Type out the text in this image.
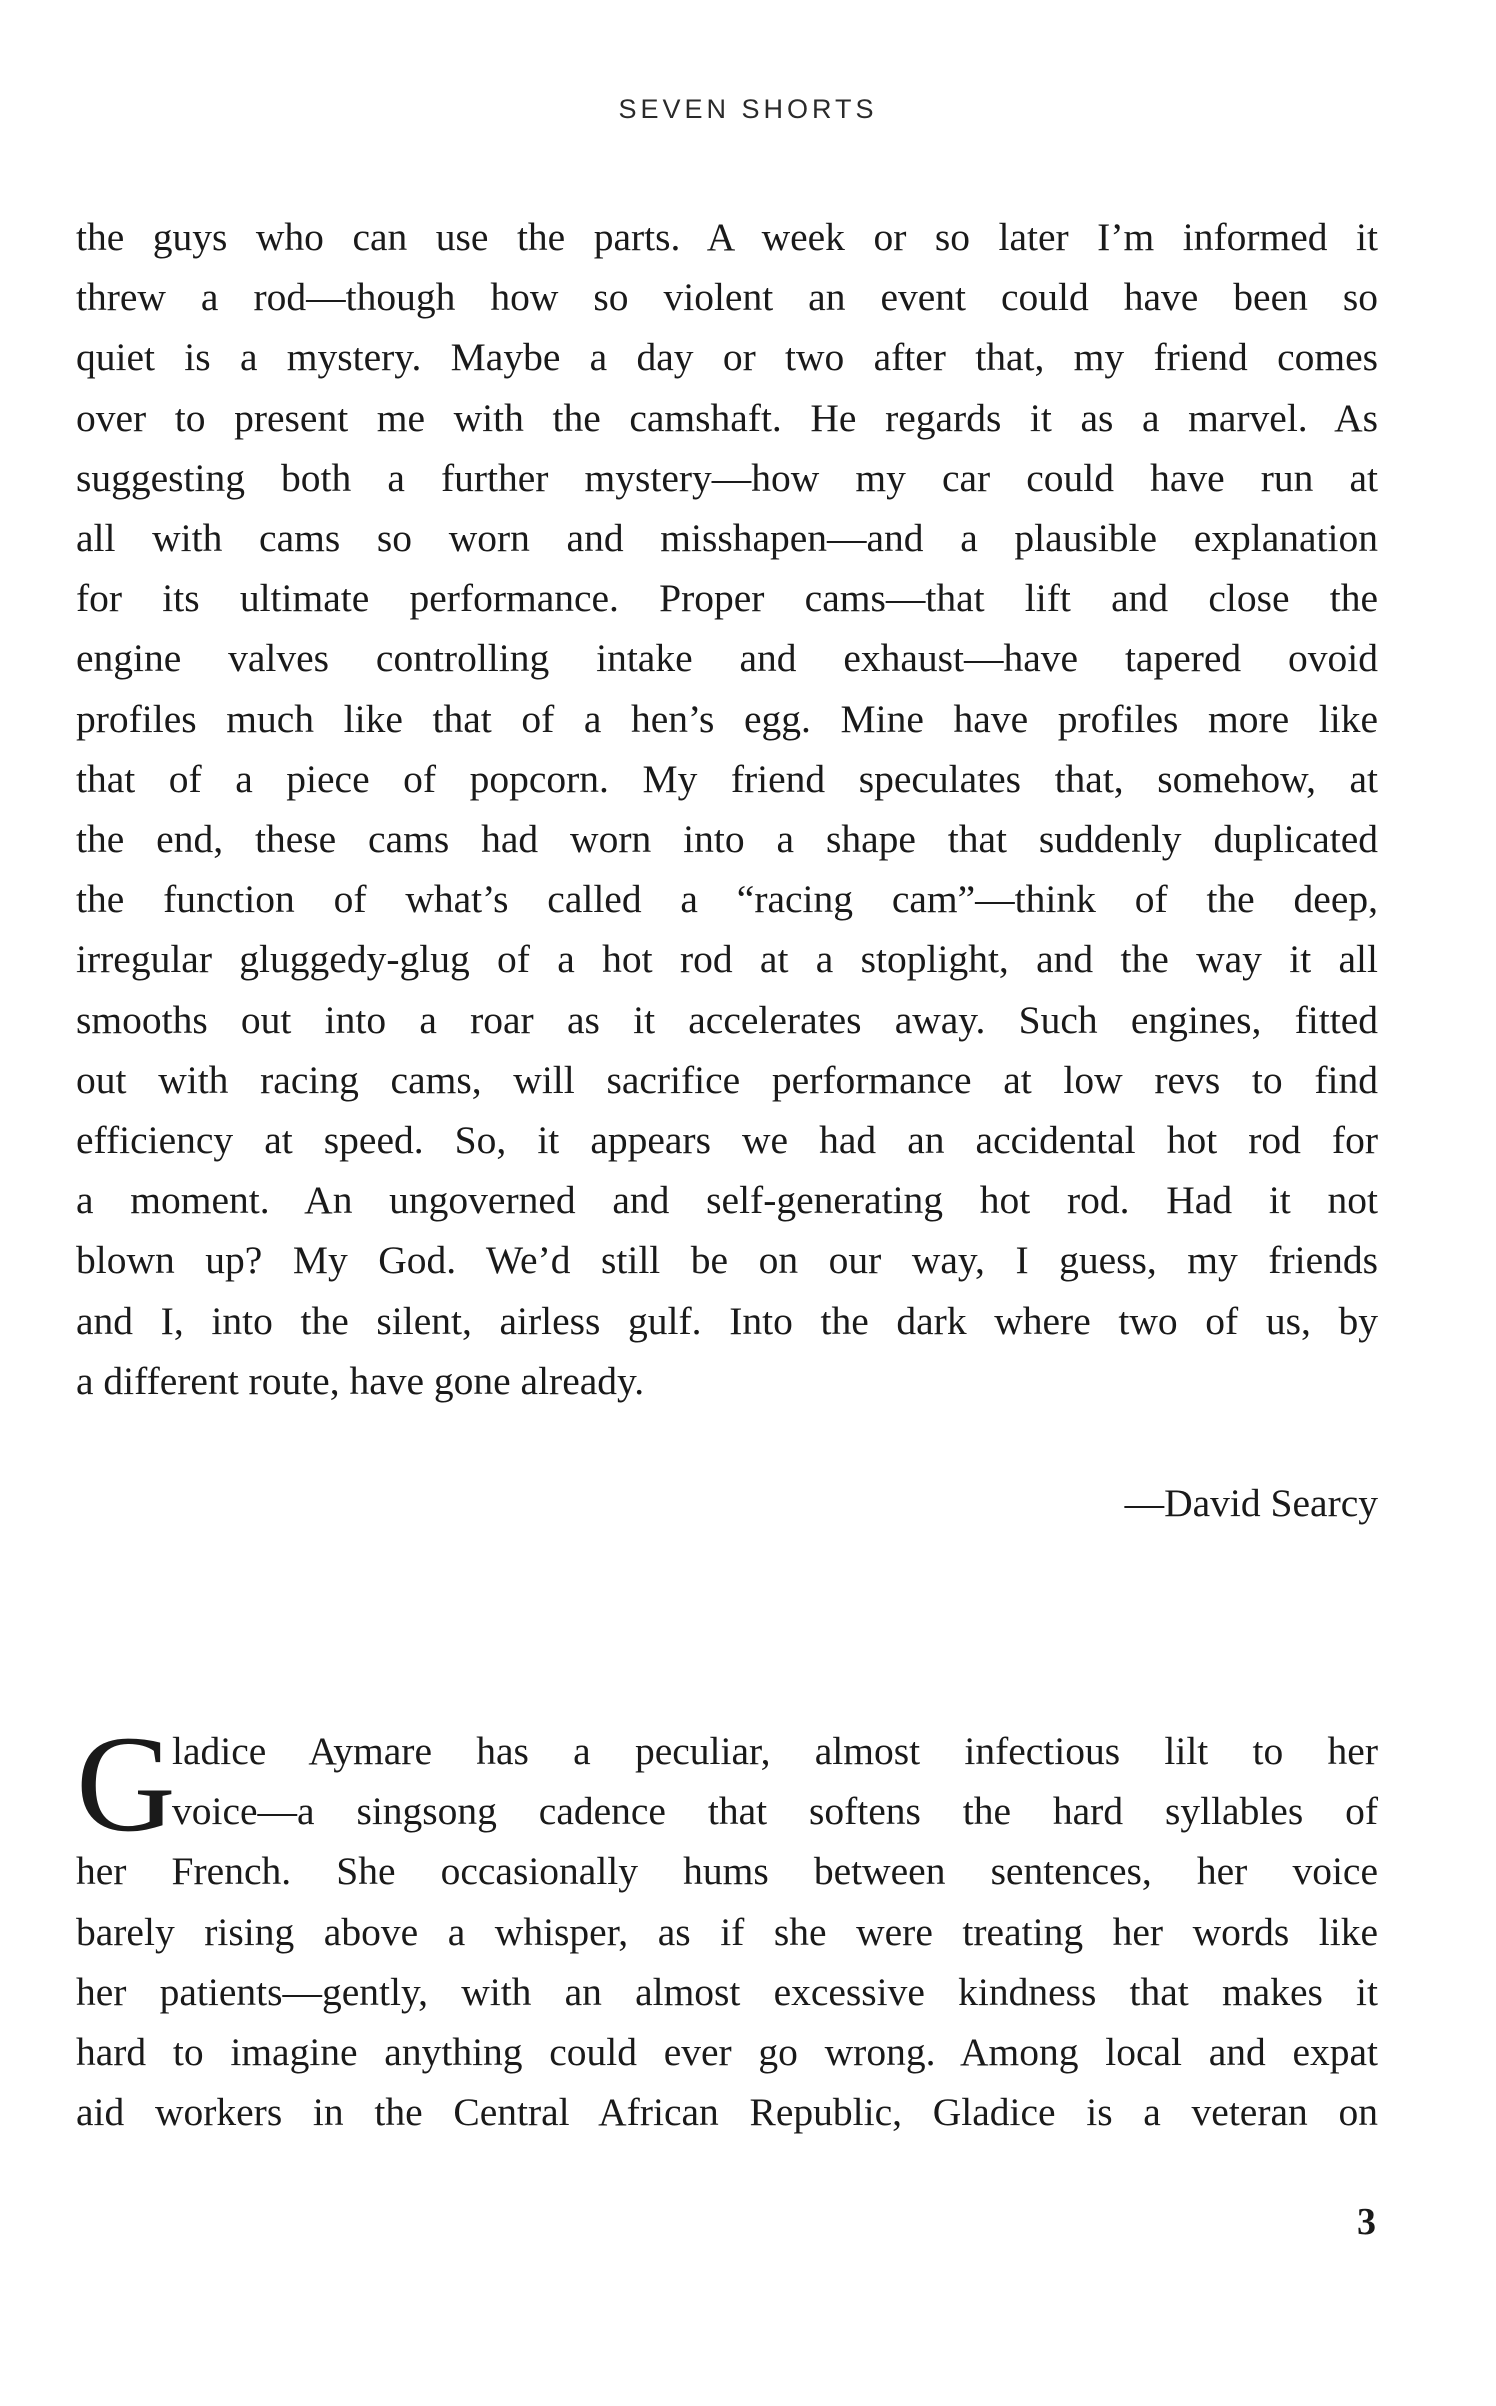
SEVEN SHORTS
the guys who can use the parts. A week or so later I’m informed it
threw a rod—though how so violent an event could have been so
quiet is a mystery. Maybe a day or two after that, my friend comes
over to present me with the camshaft. He regards it as a marvel. As
suggesting both a further mystery—how my car could have run at
all with cams so worn and misshapen—and a plausible explanation
for its ultimate performance. Proper cams—that lift and close the
engine valves controlling intake and exhaust—have tapered ovoid
profiles much like that of a hen’s egg. Mine have profiles more like
that of a piece of popcorn. My friend speculates that, somehow, at
the end, these cams had worn into a shape that suddenly duplicated
the function of what’s called a “racing cam”—think of the deep,
irregular gluggedy-glug of a hot rod at a stoplight, and the way it all
smooths out into a roar as it accelerates away. Such engines, fitted
out with racing cams, will sacrifice performance at low revs to find
efficiency at speed. So, it appears we had an accidental hot rod for
a moment. An ungoverned and self-generating hot rod. Had it not
blown up? My God. We’d still be on our way, I guess, my friends
and I, into the silent, airless gulf. Into the dark where two of us, by
a different route, have gone already.
—David Searcy
G
ladice Aymare has a peculiar, almost infectious lilt to her
voice—a singsong cadence that softens the hard syllables of
her French. She occasionally hums between sentences, her voice
barely rising above a whisper, as if she were treating her words like
her patients—gently, with an almost excessive kindness that makes it
hard to imagine anything could ever go wrong. Among local and expat
aid workers in the Central African Republic, Gladice is a veteran on
3
